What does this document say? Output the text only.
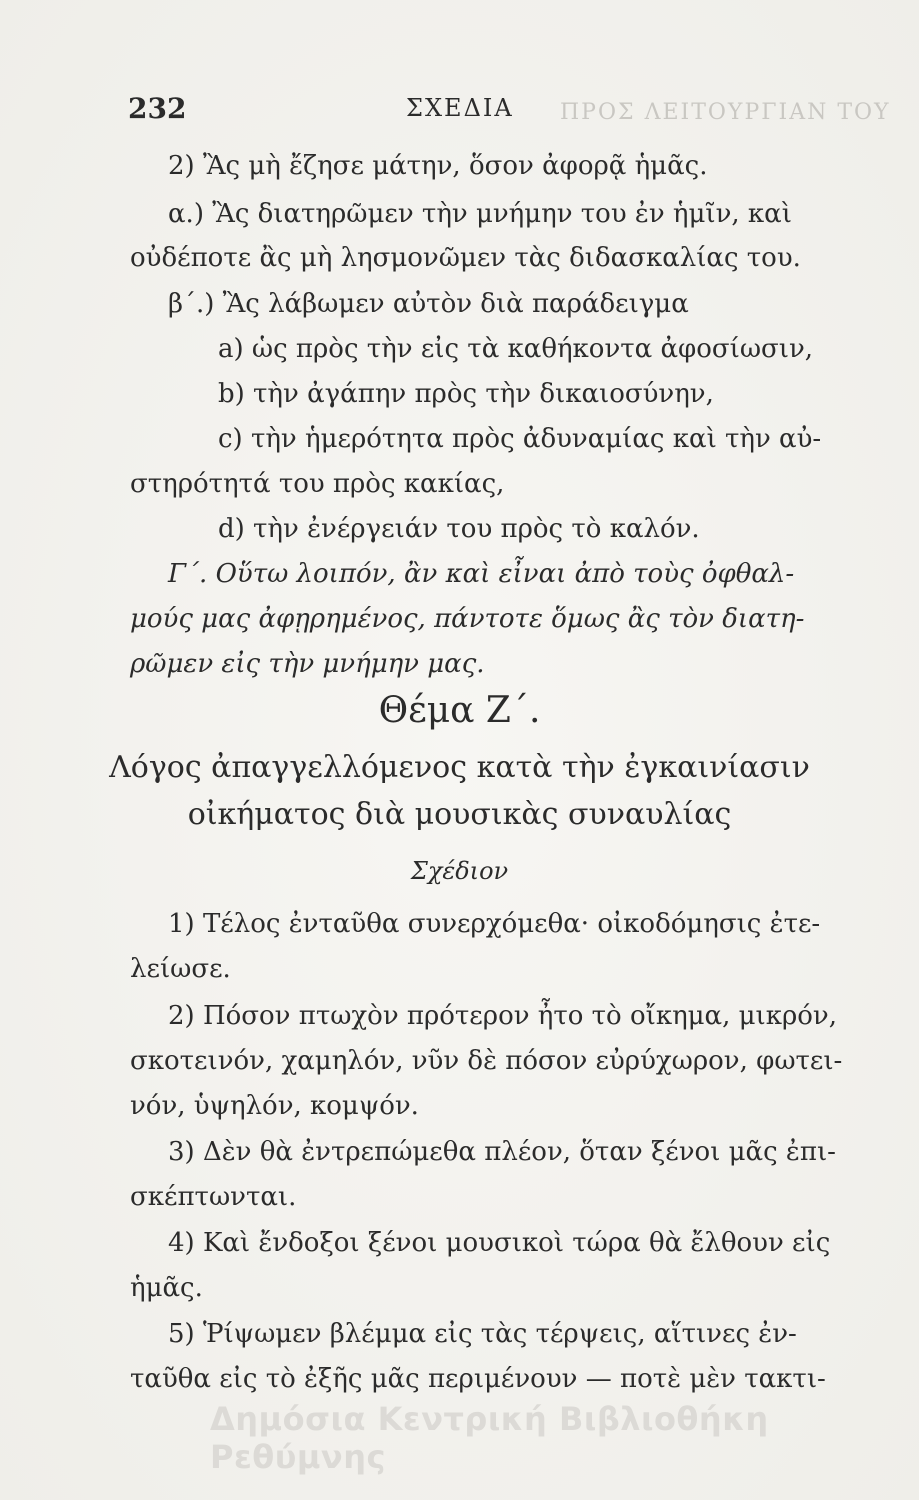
ΠΡΟΣ ΛΕΙΤΟΥΡΓΙΑΝ ΤΟΥ
232	ΣΧΕΔΙΑ
2) Ἂς μὴ ἔζησε μάτην, ὅσον ἀφορᾷ ἡμᾶς.
α.) Ἂς διατηρῶμεν τὴν μνήμην του ἐν ἡμῖν, καὶ
οὐδέποτε ἂς μὴ λησμονῶμεν τὰς διδασκαλίας του.
β΄.) Ἂς λάβωμεν αὐτὸν διὰ παράδειγμα
a) ὡς πρὸς τὴν εἰς τὰ καθήκοντα ἀφοσίωσιν,
b) τὴν ἀγάπην πρὸς τὴν δικαιοσύνην,
c) τὴν ἡμερότητα πρὸς ἀδυναμίας καὶ τὴν αὐ-
στηρότητά του πρὸς κακίας,
d) τὴν ἐνέργειάν του πρὸς τὸ καλόν.
Γ΄. Οὕτω λοιπόν, ἂν καὶ εἶναι ἀπὸ τοὺς ὀφθαλ-
μούς μας ἀφῃρημένος, πάντοτε ὅμως ἂς τὸν διατη-
ρῶμεν εἰς τὴν μνήμην μας.
Θέμα Ζ΄.
Λόγος ἀπαγγελλόμενος κατὰ τὴν ἐγκαινίασιν
οἰκήματος διὰ μουσικὰς συναυλίας
Σχέδιον
1) Τέλος ἐνταῦθα συνερχόμεθα· οἰκοδόμησις ἐτε-
λείωσε.
2) Πόσον πτωχὸν πρότερον ἦτο τὸ οἴκημα, μικρόν,
σκοτεινόν, χαμηλόν, νῦν δὲ πόσον εὐρύχωρον, φωτει-
νόν, ὑψηλόν, κομψόν.
3) Δὲν θὰ ἐντρεπώμεθα πλέον, ὅταν ξένοι μᾶς ἐπι-
σκέπτωνται.
4) Καὶ ἔνδοξοι ξένοι μουσικοὶ τώρα θὰ ἔλθουν εἰς
ἡμᾶς.
5) Ῥίψωμεν βλέμμα εἰς τὰς τέρψεις, αἵτινες ἐν-
ταῦθα εἰς τὸ ἐξῆς μᾶς περιμένουν — ποτὲ μὲν τακτι-
Δημόσια Κεντρική Βιβλιοθήκη Ρεθύμνης
